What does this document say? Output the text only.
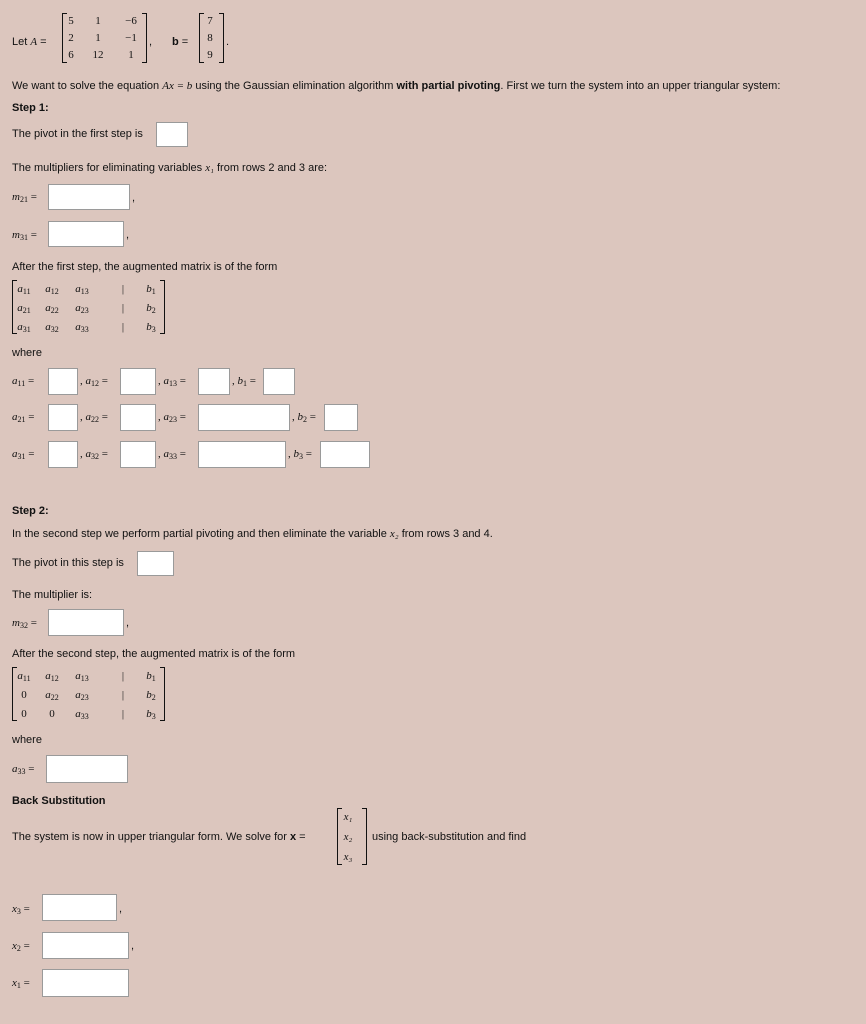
Let A =
5	1	−6
2	1	−1
6	12	1
, b =
7
8
9
.
We want to solve the equation Ax = b using the Gaussian elimination algorithm with partial pivoting. First we turn the system into an upper triangular system:
Step 1:
The pivot in the first step is
The multipliers for eliminating variables x₁ from rows 2 and 3 are:
$m_{21}$ =	,
$m_{31}$ =	,
After the first step, the augmented matrix is of the form
$a_{11}$	$a_{12}$ $a_{13}$	|	$b_1$
$a_{21}$ $a_{22}$ $a_{23}$	|	$b_2$
$a_{31}$ $a_{32}$ $a_{33}$	|	$b_3$
where
$a_{11}$ =	, $a_{12}$ =	, $a_{13}$ =	, $b_1$ =
$a_{21}$ =	, $a_{22}$ =	, $a_{23}$ =	, $b_2$ =
$a_{31}$ =	, $a_{32}$ =	, $a_{33}$ =	, $b_3$ =
Step 2:
In the second step we perform partial pivoting and then eliminate the variable x₂ from rows 3 and 4.
The pivot in this step is
The multiplier is:
$m_{32}$ =	,
After the second step, the augmented matrix is of the form
$a_{11}$	$a_{12}$ $a_{13}$	|	$b_1$
0	$a_{22}$ $a_{23}$	|	$b_2$
0	0	$a_{33}$	|	$b_3$
where
$a_{33}$ =
Back Substitution
The system is now in upper triangular form. We solve for x =
x₁
x₂
x₃
using back-substitution and find
$x_3$ =	,
$x_2$ =	,
$x_1$ =
